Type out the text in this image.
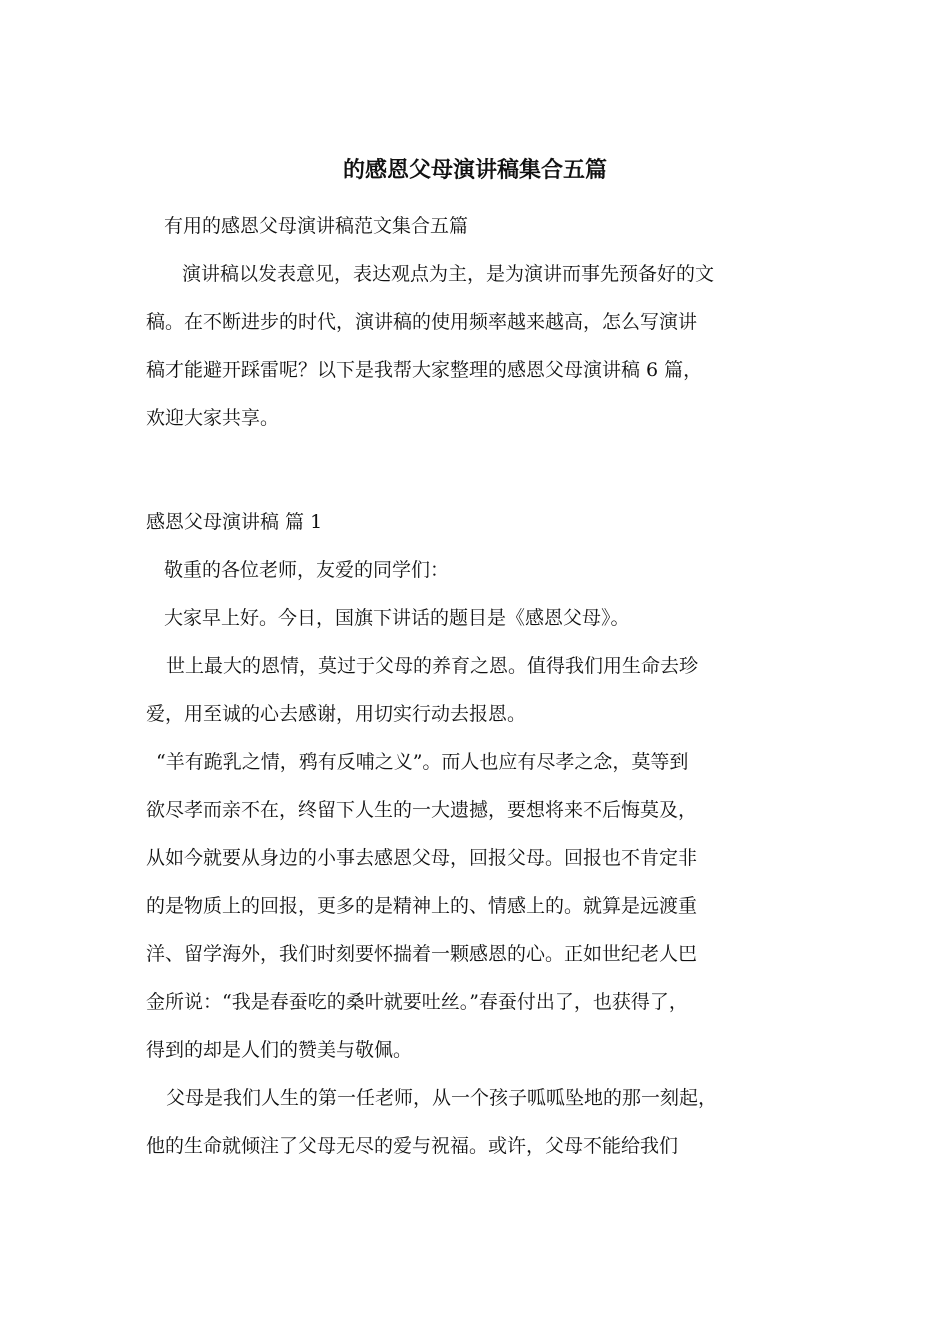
的感恩父母演讲稿集合五篇

有用的感恩父母演讲稿范文集合五篇

演讲稿以发表意见，表达观点为主，是为演讲而事先预备好的文

稿。在不断进步的时代，演讲稿的使用频率越来越高，怎么写演讲

稿才能避开踩雷呢？以下是我帮大家整理的感恩父母演讲稿 6 篇，

欢迎大家共享。

感恩父母演讲稿 篇 1

敬重的各位老师，友爱的同学们：

大家早上好。今日，国旗下讲话的题目是《感恩父母》。

世上最大的恩情，莫过于父母的养育之恩。值得我们用生命去珍

爱，用至诚的心去感谢，用切实行动去报恩。

“羊有跪乳之情，鸦有反哺之义”。而人也应有尽孝之念，莫等到

欲尽孝而亲不在，终留下人生的一大遗撼，要想将来不后悔莫及，

从如今就要从身边的小事去感恩父母，回报父母。回报也不肯定非

的是物质上的回报，更多的是精神上的、情感上的。就算是远渡重

洋、留学海外，我们时刻要怀揣着一颗感恩的心。正如世纪老人巴

金所说：“我是春蚕吃的桑叶就要吐丝。”春蚕付出了，也获得了，

得到的却是人们的赞美与敬佩。

父母是我们人生的第一任老师，从一个孩子呱呱坠地的那一刻起，

他的生命就倾注了父母无尽的爱与祝福。或许，父母不能给我们
